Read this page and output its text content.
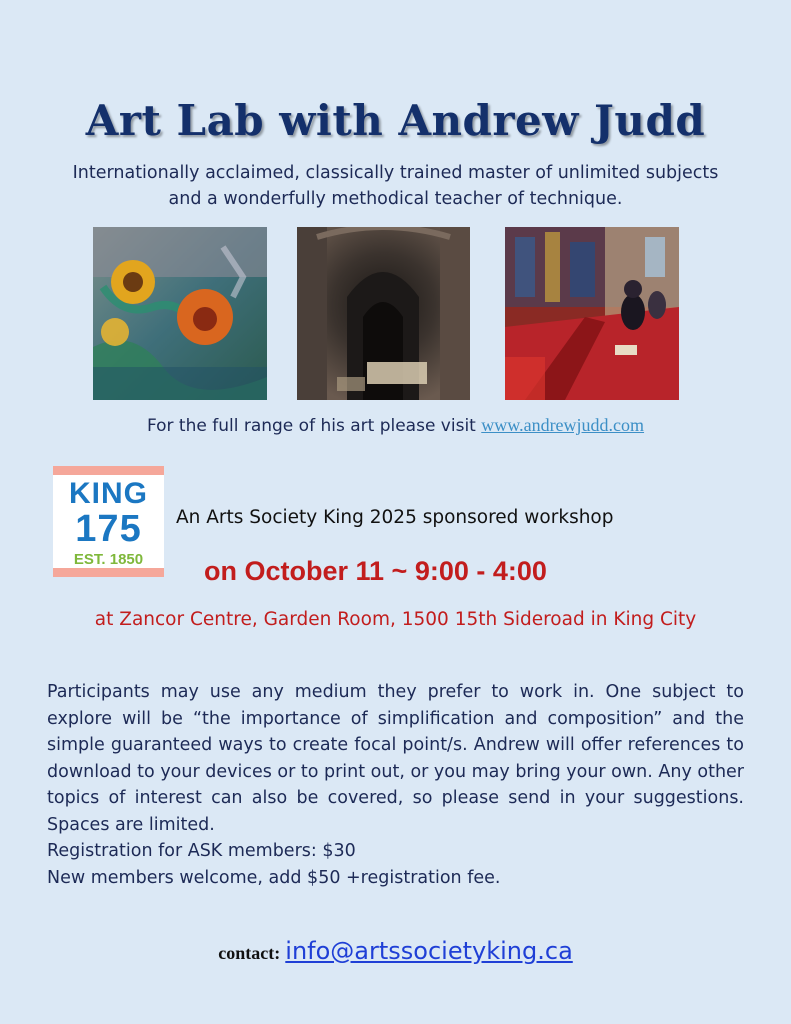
Art Lab with Andrew Judd
Internationally acclaimed, classically trained master of unlimited subjects
and a wonderfully methodical teacher of technique.
For the full range of his art please visit www.andrewjudd.com
KING
175
EST. 1850
An Arts Society King 2025 sponsored workshop
on October 11 ~ 9:00 - 4:00
at Zancor Centre, Garden Room, 1500 15th Sideroad in King City
Participants may use any medium they prefer to work in. One subject to explore will be “the importance of simplification and composition” and the simple guaranteed ways to create focal point/s. Andrew will offer references to download to your devices or to print out, or you may bring your own. Any other topics of interest can also be covered, so please send in your suggestions. Spaces are limited.
Registration for ASK members: $30
New members welcome, add $50 +registration fee.
contact: info@artssocietyking.ca
